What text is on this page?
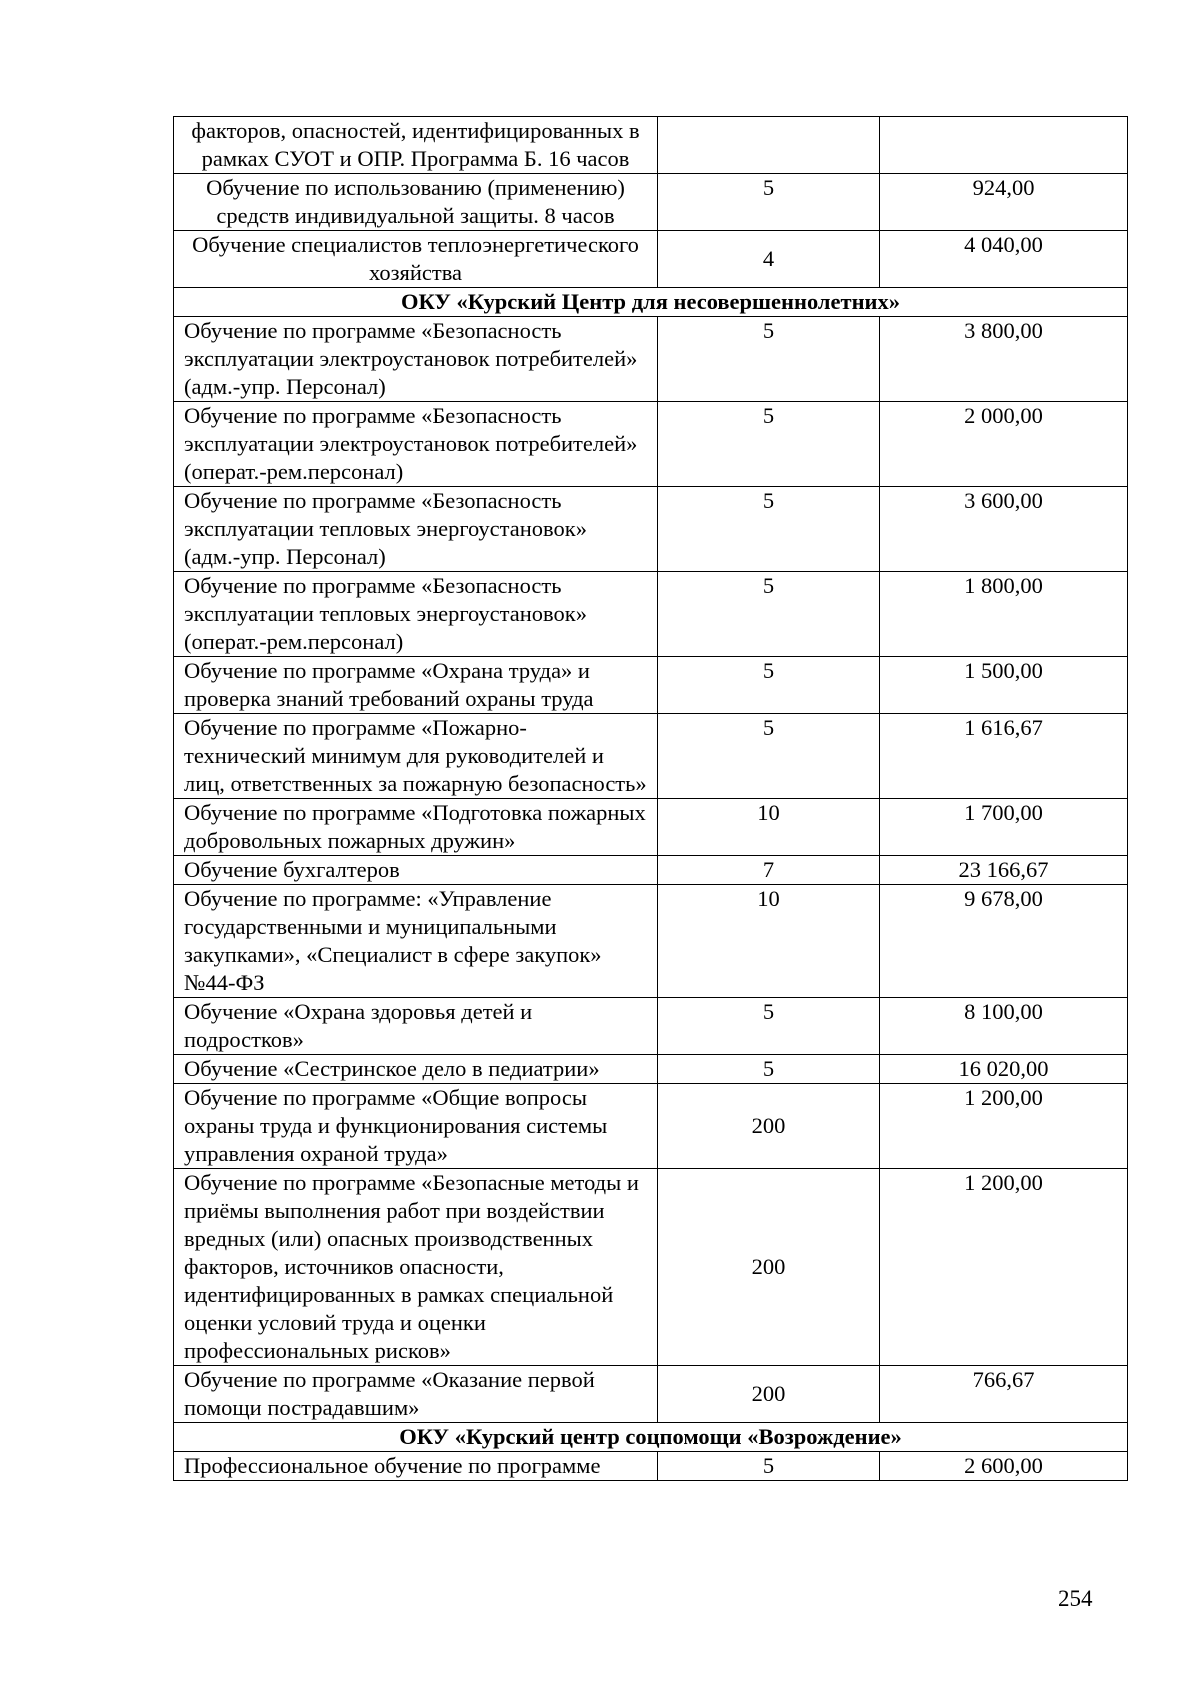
факторов, опасностей, идентифицированных в рамках СУОТ и ОПР. Программа Б. 16 часов		
Обучение по использованию (применению) средств индивидуальной защиты. 8 часов	5	924,00
Обучение специалистов теплоэнергетического хозяйства	4	4 040,00
ОКУ «Курский Центр для несовершеннолетних»		
Обучение по программе «Безопасность эксплуатации электроустановок потребителей» (адм.-упр. Персонал)	5	3 800,00
Обучение по программе «Безопасность эксплуатации электроустановок потребителей» (операт.-рем.персонал)	5	2 000,00
Обучение по программе «Безопасность эксплуатации тепловых энергоустановок» (адм.-упр. Персонал)	5	3 600,00
Обучение по программе «Безопасность эксплуатации тепловых энергоустановок» (операт.-рем.персонал)	5	1 800,00
Обучение по программе «Охрана труда» и проверка знаний требований охраны труда	5	1 500,00
Обучение по программе «Пожарно-технический минимум для руководителей и лиц, ответственных за пожарную безопасность»	5	1 616,67
Обучение по программе «Подготовка пожарных добровольных пожарных дружин»	10	1 700,00
Обучение бухгалтеров	7	23 166,67
Обучение по программе: «Управление государственными и муниципальными закупками», «Специалист в сфере закупок» №44-ФЗ	10	9 678,00
Обучение «Охрана здоровья детей и подростков»	5	8 100,00
Обучение «Сестринское дело в педиатрии»	5	16 020,00
Обучение по программе «Общие вопросы охраны труда и функционирования системы управления охраной труда»	200	1 200,00
Обучение по программе «Безопасные методы и приёмы выполнения работ при воздействии вредных (или) опасных производственных факторов, источников опасности, идентифицированных в рамках специальной оценки условий труда и оценки профессиональных рисков»	200	1 200,00
Обучение по программе «Оказание первой помощи пострадавшим»	200	766,67
ОКУ «Курский центр соцпомощи «Возрождение»		
Профессиональное обучение по программе	5	2 600,00
254
